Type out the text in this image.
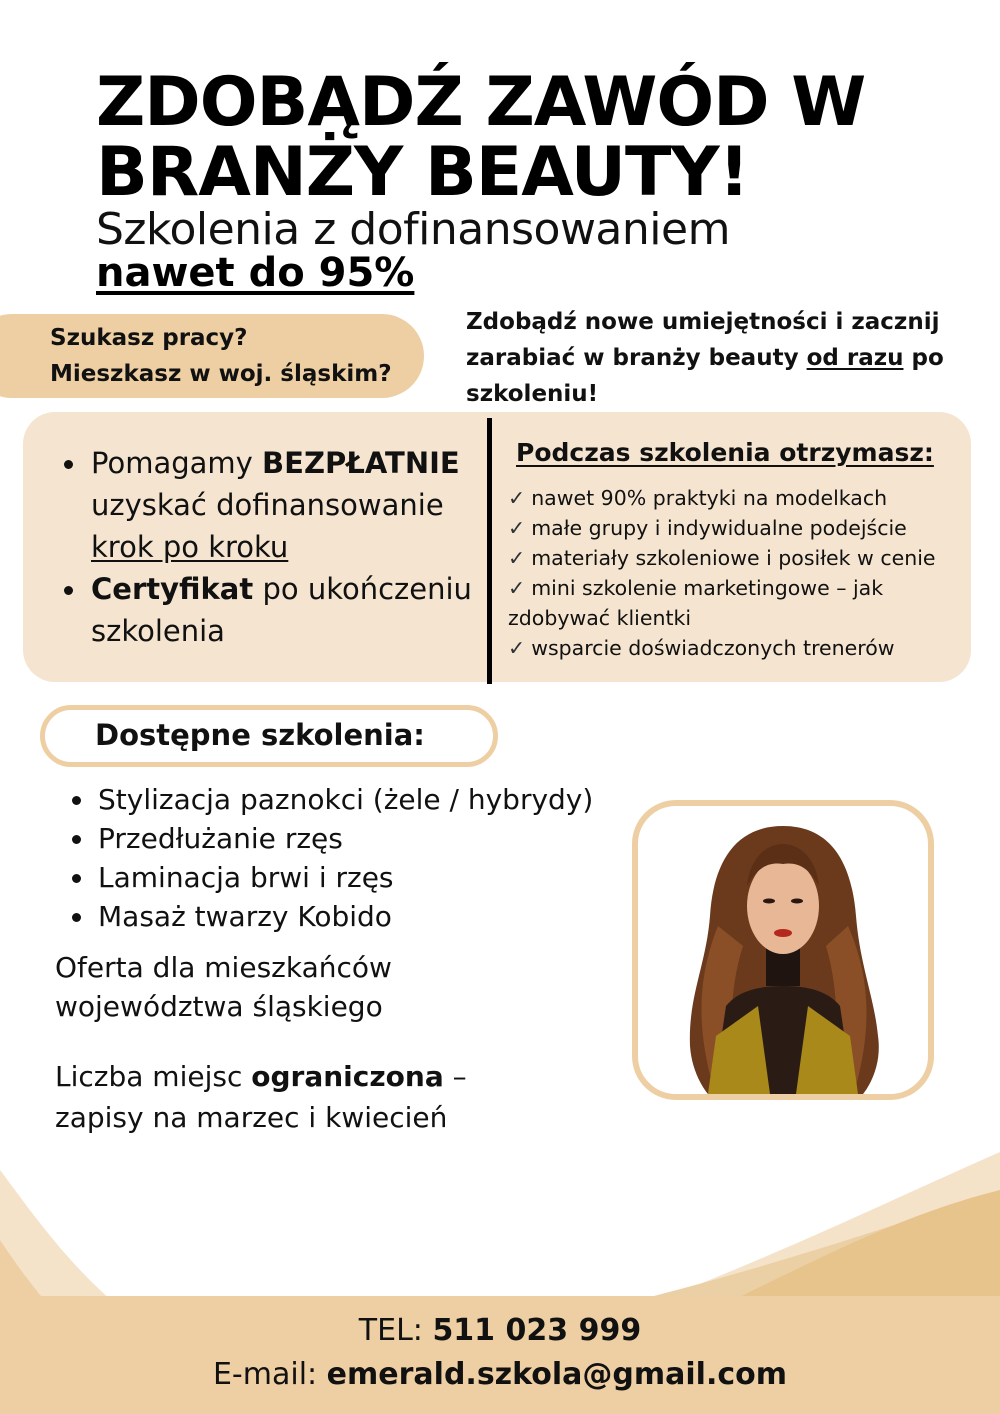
ZDOBĄDŹ ZAWÓD W
BRANŻY BEAUTY!
Szkolenia z dofinansowaniem
nawet do 95%
Szukasz pracy?
Mieszkasz w woj. śląskim?
Zdobądź nowe umiejętności i zacznij zarabiać w branży beauty od razu po szkoleniu!
Pomagamy BEZPŁATNIE uzyskać dofinansowanie krok po kroku
Certyfikat po ukończeniu szkolenia
Podczas szkolenia otrzymasz:
✓ nawet 90% praktyki na modelkach
✓ małe grupy i indywidualne podejście
✓ materiały szkoleniowe i posiłek w cenie
✓ mini szkolenie marketingowe – jak zdobywać klientki
✓ wsparcie doświadczonych trenerów
Dostępne szkolenia:
Stylizacja paznokci (żele / hybrydy)
Przedłużanie rzęs
Laminacja brwi i rzęs
Masaż twarzy Kobido
Oferta dla mieszkańców
województwa śląskiego
Liczba miejsc ograniczona –
zapisy na marzec i kwiecień
TEL: 511 023 999
E-mail: emerald.szkola@gmail.com
